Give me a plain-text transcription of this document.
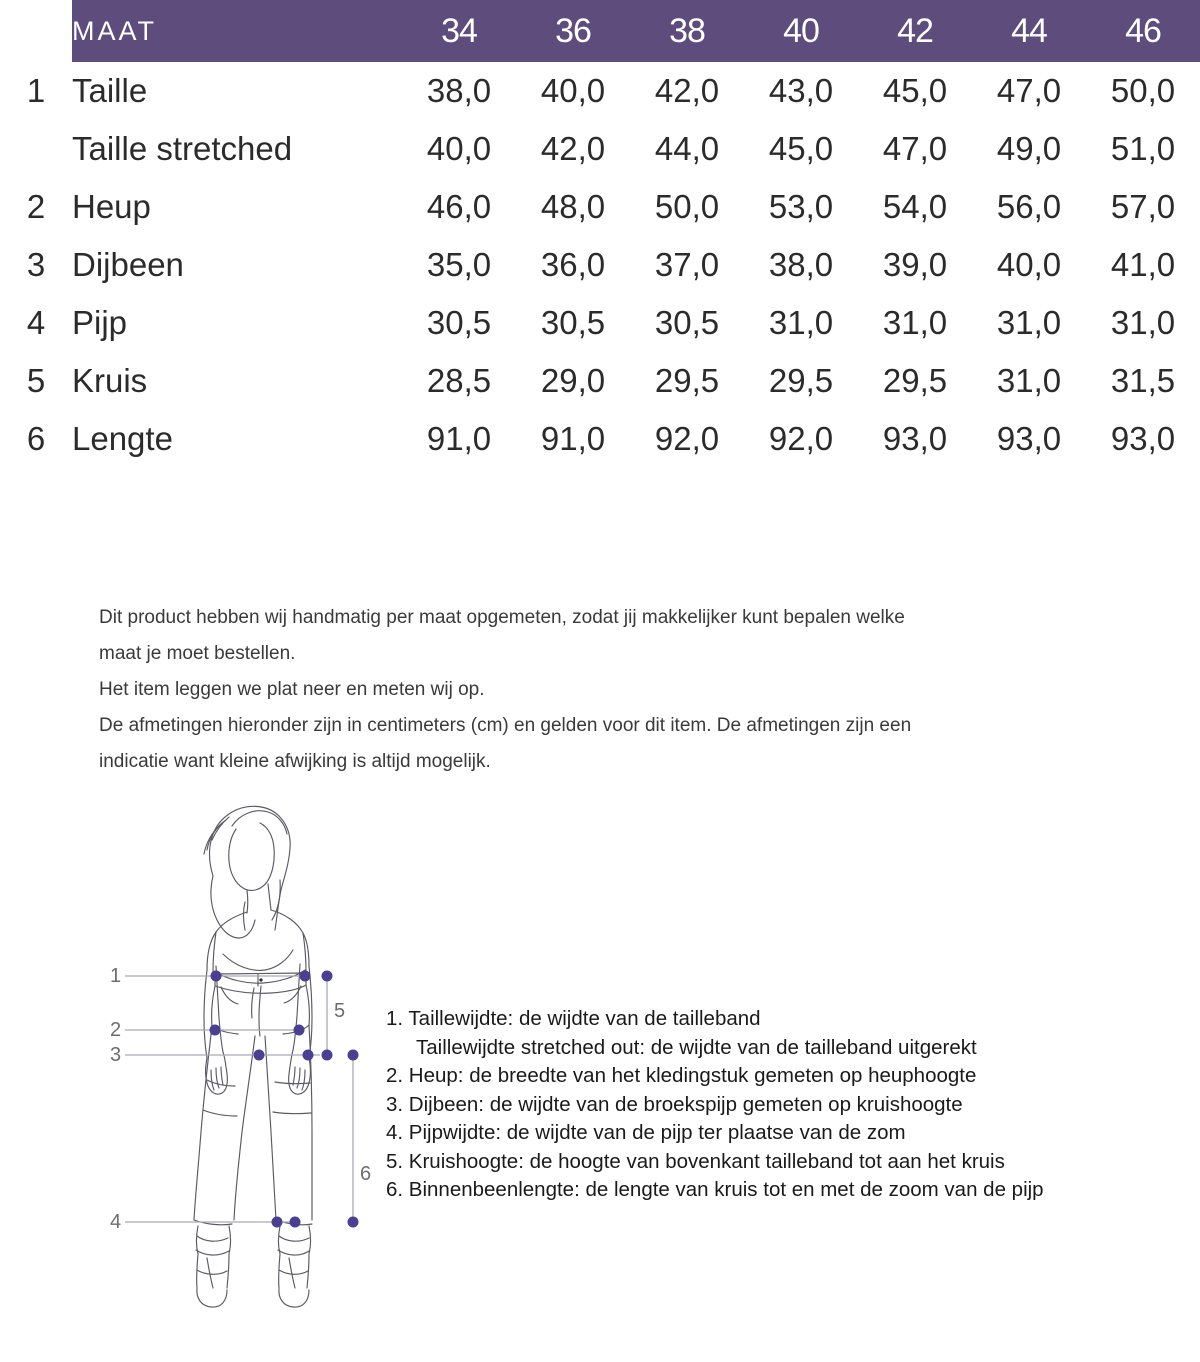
	MAAT	34	36	38	40	42	44	46
1	Taille	38,0	40,0	42,0	43,0	45,0	47,0	50,0
	Taille stretched	40,0	42,0	44,0	45,0	47,0	49,0	51,0
2	Heup	46,0	48,0	50,0	53,0	54,0	56,0	57,0
3	Dijbeen	35,0	36,0	37,0	38,0	39,0	40,0	41,0
4	Pijp	30,5	30,5	30,5	31,0	31,0	31,0	31,0
5	Kruis	28,5	29,0	29,5	29,5	29,5	31,0	31,5
6	Lengte	91,0	91,0	92,0	92,0	93,0	93,0	93,0

Dit product hebben wij handmatig per maat opgemeten, zodat jij makkelijker kunt bepalen welke

maat je moet bestellen.

Het item leggen we plat neer en meten wij op.

De afmetingen hieronder zijn in centimeters (cm) en gelden voor dit item. De afmetingen zijn een

indicatie want kleine afwijking is altijd mogelijk.

1
2
3
4
5
6
1. Taillewijdte: de wijdte van de tailleband
Taillewijdte stretched out: de wijdte van de tailleband uitgerekt
2. Heup: de breedte van het kledingstuk gemeten op heuphoogte
3. Dijbeen: de wijdte van de broekspijp gemeten op kruishoogte
4. Pijpwijdte: de wijdte van de pijp ter plaatse van de zom
5. Kruishoogte: de hoogte van bovenkant tailleband tot aan het kruis
6. Binnenbeenlengte: de lengte van kruis tot en met de zoom van de pijp
